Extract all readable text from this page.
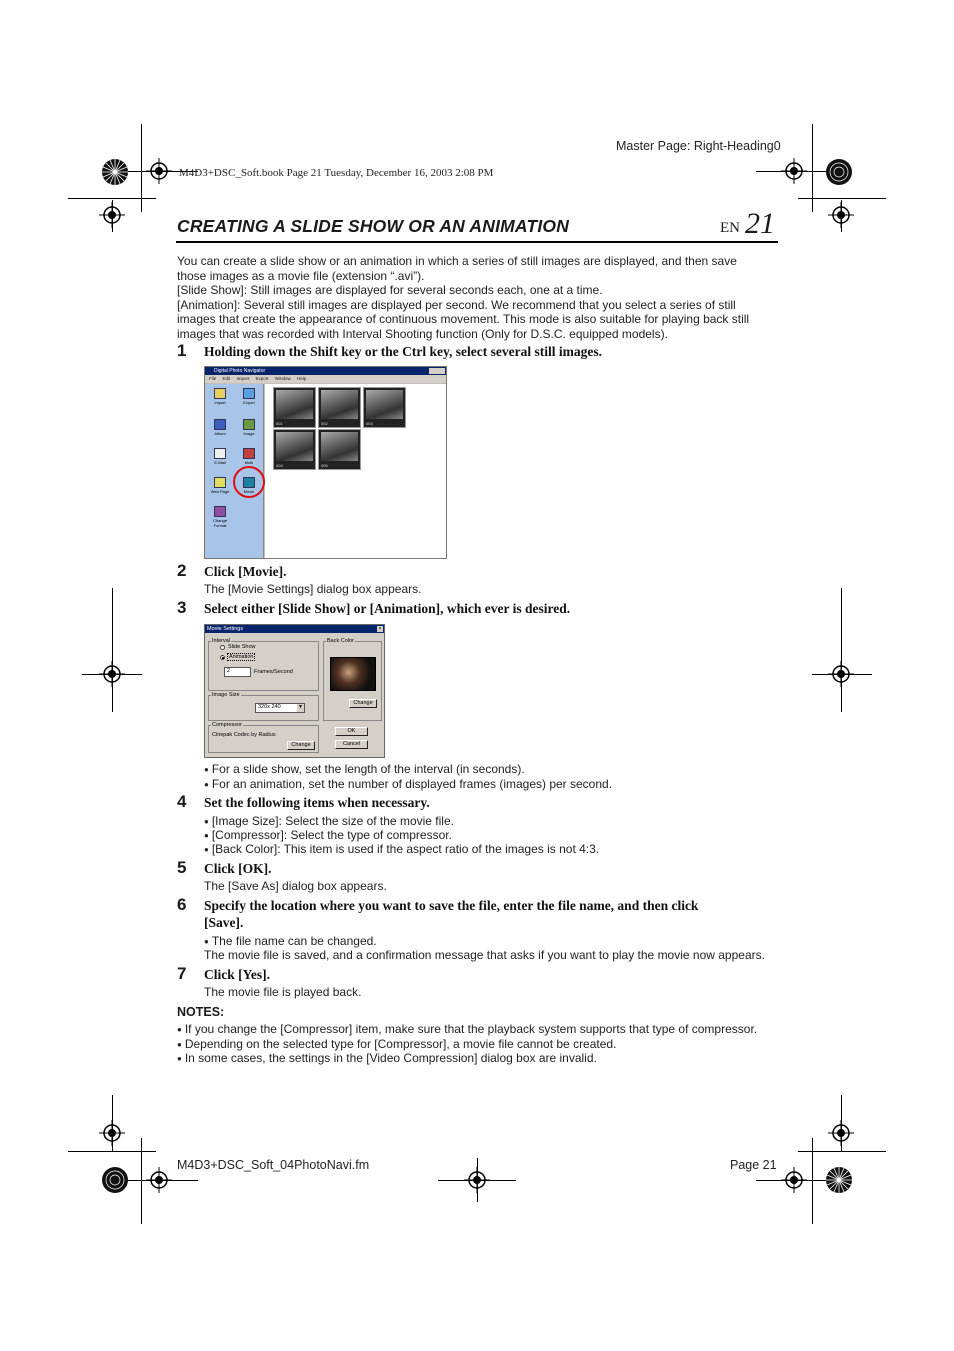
Master Page: Right-Heading0
M4D3+DSC_Soft.book Page 21 Tuesday, December 16, 2003 2:08 PM
CREATING A SLIDE SHOW OR AN ANIMATION	EN 21
You can create a slide show or an animation in which a series of still images are displayed, and then save
those images as a movie file (extension “.avi”).
[Slide Show]: Still images are displayed for several seconds each, one at a time.
[Animation]: Several still images are displayed per second. We recommend that you select a series of still
images that create the appearance of continuous movement. This mode is also suitable for playing back still
images that was recorded with Interval Shooting function (Only for D.S.C. equipped models).
1 Holding down the Shift key or the Ctrl key, select several still images.
Digital Photo Navigator
File Edit Import Export Window Help
Import	Export
Album	Image
E-Mail	Multi
Web Page	Movie
Change Format
001	002	003
004	005
2 Click [Movie].
The [Movie Settings] dialog box appears.
3 Select either [Slide Show] or [Animation], which ever is desired.
Movie Settings	×
Interval
Slide Show
Animation
2	Frames/Second
Image Size
320x 240	▼
Back Color
Change
Compressor
Cinepak Codec by Radius
Change
OK
Cancel
● For a slide show, set the length of the interval (in seconds).
● For an animation, set the number of displayed frames (images) per second.
4 Set the following items when necessary.
● [Image Size]: Select the size of the movie file.
● [Compressor]: Select the type of compressor.
● [Back Color]: This item is used if the aspect ratio of the images is not 4:3.
5 Click [OK].
The [Save As] dialog box appears.
6 Specify the location where you want to save the file, enter the file name, and then click
[Save].
● The file name can be changed.
The movie file is saved, and a confirmation message that asks if you want to play the movie now appears.
7 Click [Yes].
The movie file is played back.
NOTES:
● If you change the [Compressor] item, make sure that the playback system supports that type of compressor.
● Depending on the selected type for [Compressor], a movie file cannot be created.
● In some cases, the settings in the [Video Compression] dialog box are invalid.
M4D3+DSC_Soft_04PhotoNavi.fm	Page 21
